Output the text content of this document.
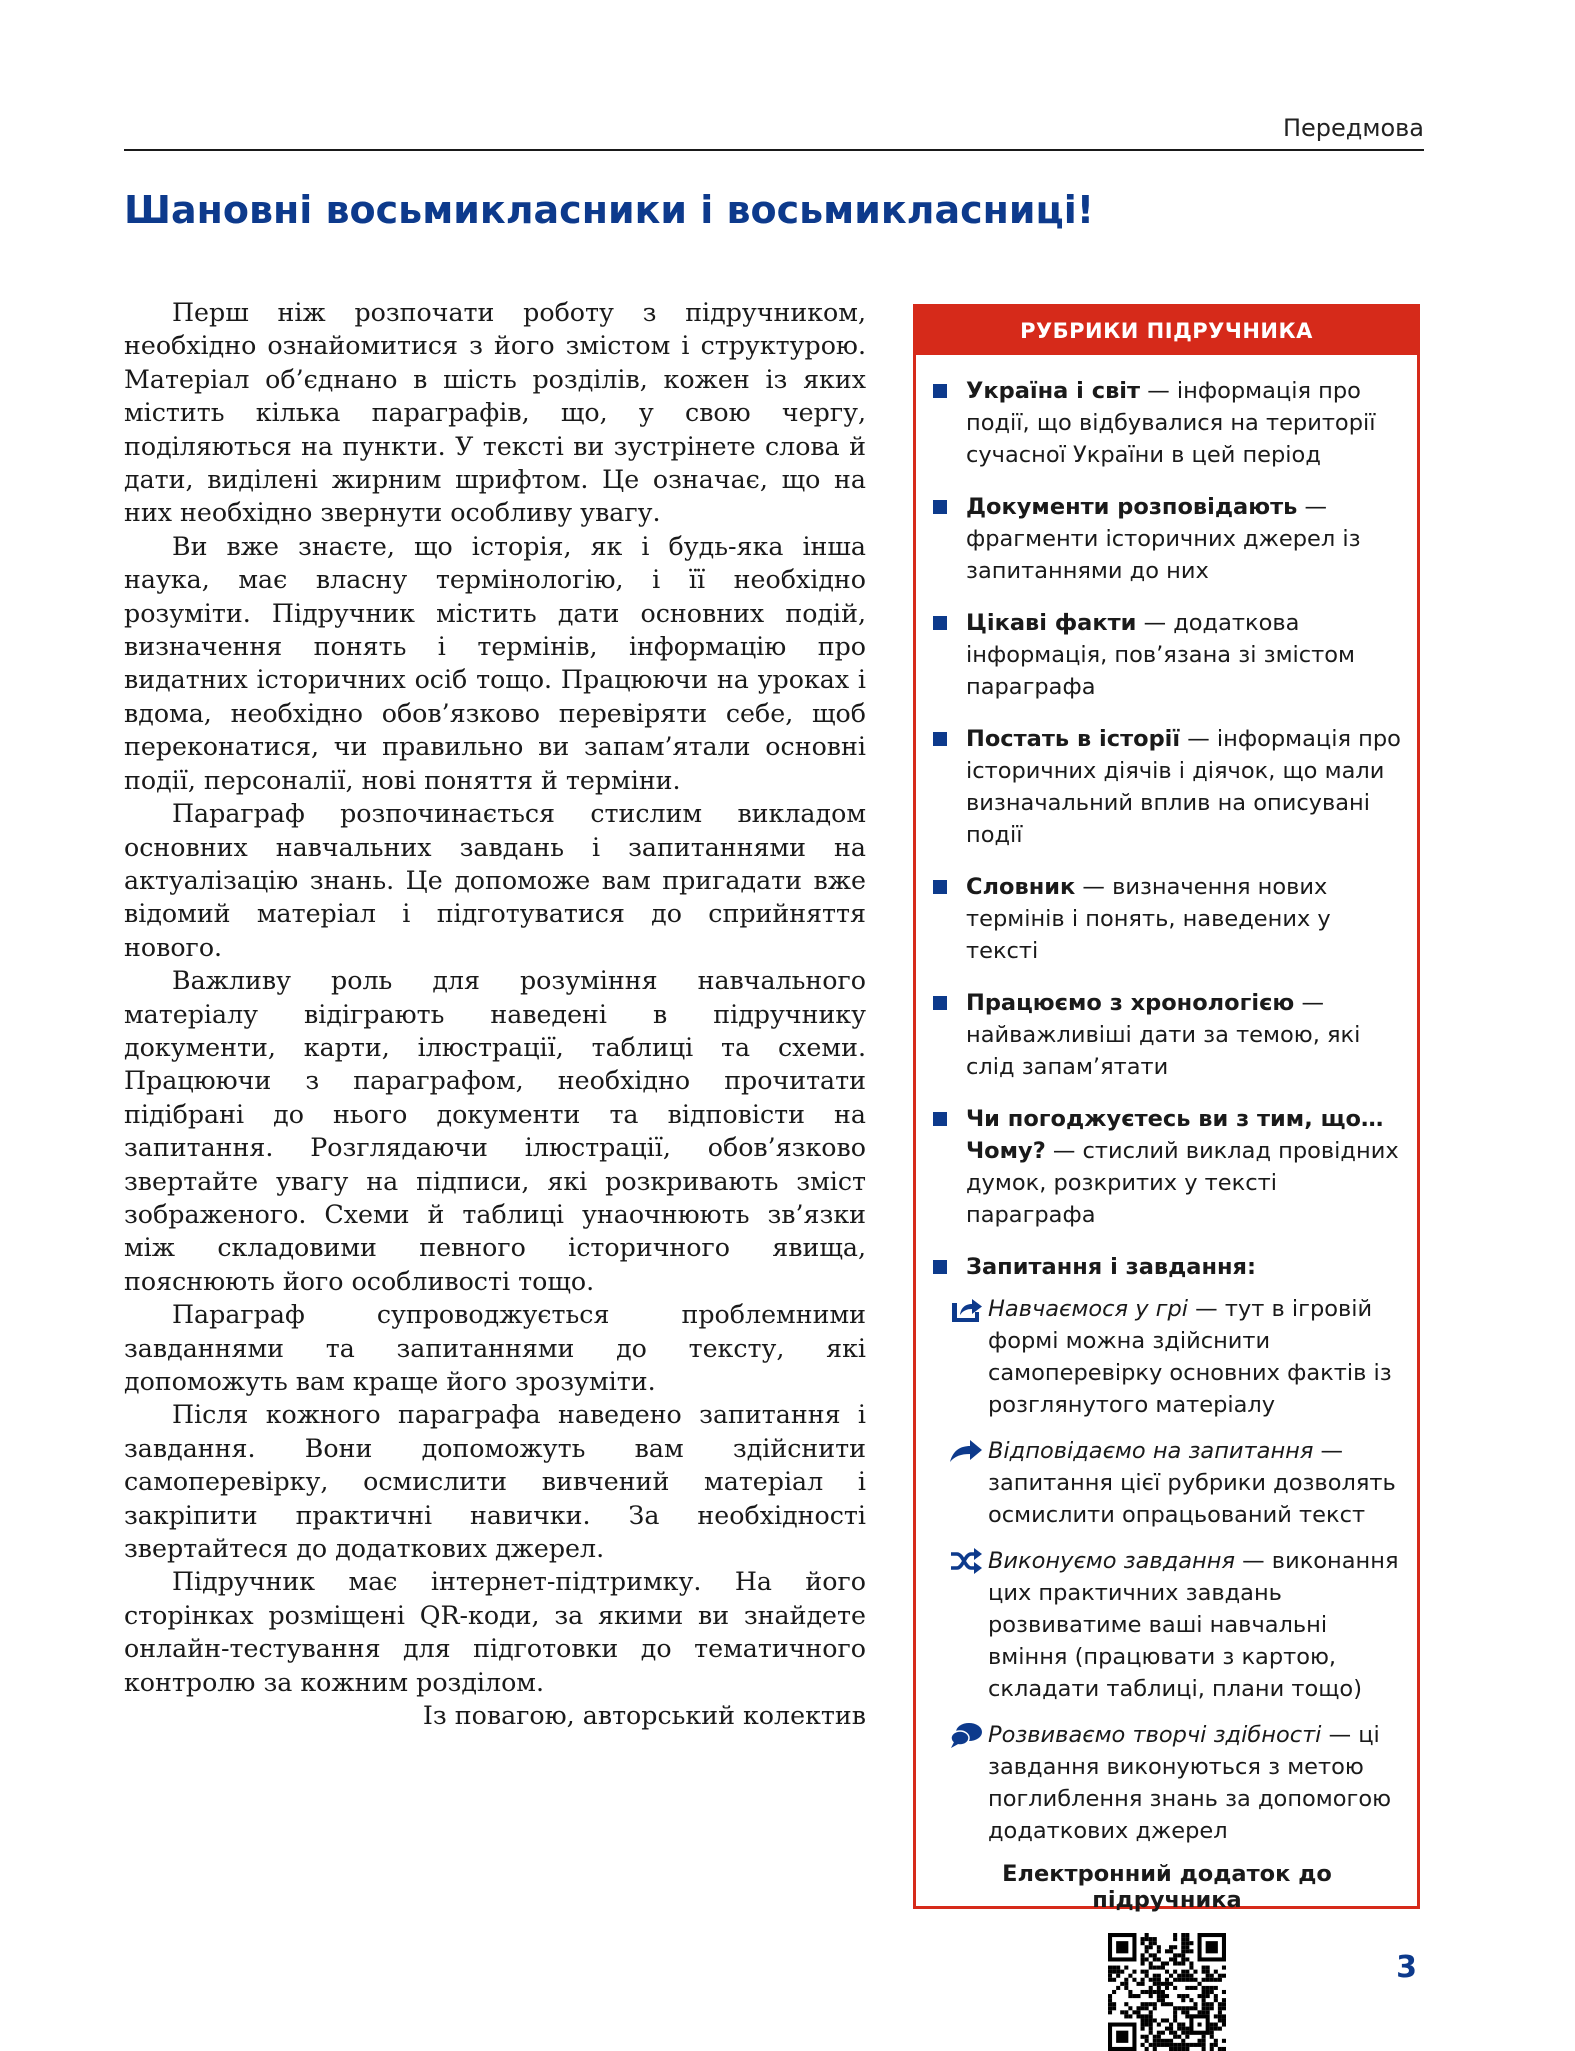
Передмова
Шановні восьмикласники і восьмикласниці!

Перш ніж розпочати роботу з підручником, необхідно ознайомитися з його змістом і структурою. Матеріал об’єднано в шість розділів, кожен із яких містить кілька параграфів, що, у свою чергу, поділяються на пункти. У тексті ви зустрінете слова й дати, виділені жирним шрифтом. Це означає, що на них необхідно звернути особливу увагу.

Ви вже знаєте, що історія, як і будь-яка інша наука, має власну термінологію, і її необхідно розуміти. Підручник містить дати основних подій, визначення понять і термінів, інформацію про видатних історичних осіб тощо. Працюючи на уроках і вдома, необхідно обов’язково перевіряти себе, щоб переконатися, чи правильно ви запам’ятали основні події, персоналії, нові поняття й терміни.

Параграф розпочинається стислим викладом основних навчальних завдань і запитаннями на актуалізацію знань. Це допоможе вам пригадати вже відомий матеріал і підготуватися до сприйняття нового.

Важливу роль для розуміння навчального матеріалу відіграють наведені в підручнику документи, карти, ілюстрації, таблиці та схеми. Працюючи з параграфом, необхідно прочитати підібрані до нього документи та відповісти на запитання. Розглядаючи ілюстрації, обов’язково звертайте увагу на підписи, які розкривають зміст зображеного. Схеми й таблиці унаочнюють зв’язки між складовими певного історичного явища, пояснюють його особливості тощо.

Параграф супроводжується проблемними завданнями та запитаннями до тексту, які допоможуть вам краще його зрозуміти.

Після кожного параграфа наведено запитання і завдання. Вони допоможуть вам здійснити самоперевірку, осмислити вивчений матеріал і закріпити практичні навички. За необхідності звертайтеся до додаткових джерел.

Підручник має інтернет-підтримку. На його сторінках розміщені QR-коди, за якими ви знайдете онлайн-тестування для підготовки до тематичного контролю за кожним розділом.

Із повагою, авторський колектив

РУБРИКИ ПІДРУЧНИКА
Україна і світ — інформація про події, що відбувалися на території сучасної України в цей період
Документи розповідають — фрагменти історичних джерел із запитаннями до них
Цікаві факти — додаткова інформація, пов’язана зі змістом параграфа
Постать в історії — інформація про історичних діячів і діячок, що мали визначальний вплив на описувані події
Словник — визначення нових термінів і понять, наведених у тексті
Працюємо з хронологією — найважливіші дати за темою, які слід запам’ятати
Чи погоджуєтесь ви з тим, що… Чому? — стислий виклад провідних думок, розкритих у тексті параграфа
Запитання і завдання:
Навчаємося у грі — тут в ігровій формі можна здійснити самоперевірку основних фактів із розглянутого матеріалу
Відповідаємо на запитання — запитання цієї рубрики дозволять осмислити опрацьований текст
Виконуємо завдання — виконання цих практичних завдань розвиватиме ваші навчальні вміння (працювати з картою, складати таблиці, плани тощо)
Розвиваємо творчі здібності — ці завдання виконуються з метою поглиблення знань за допомогою додаткових джерел
Електронний додаток до підручника
3
